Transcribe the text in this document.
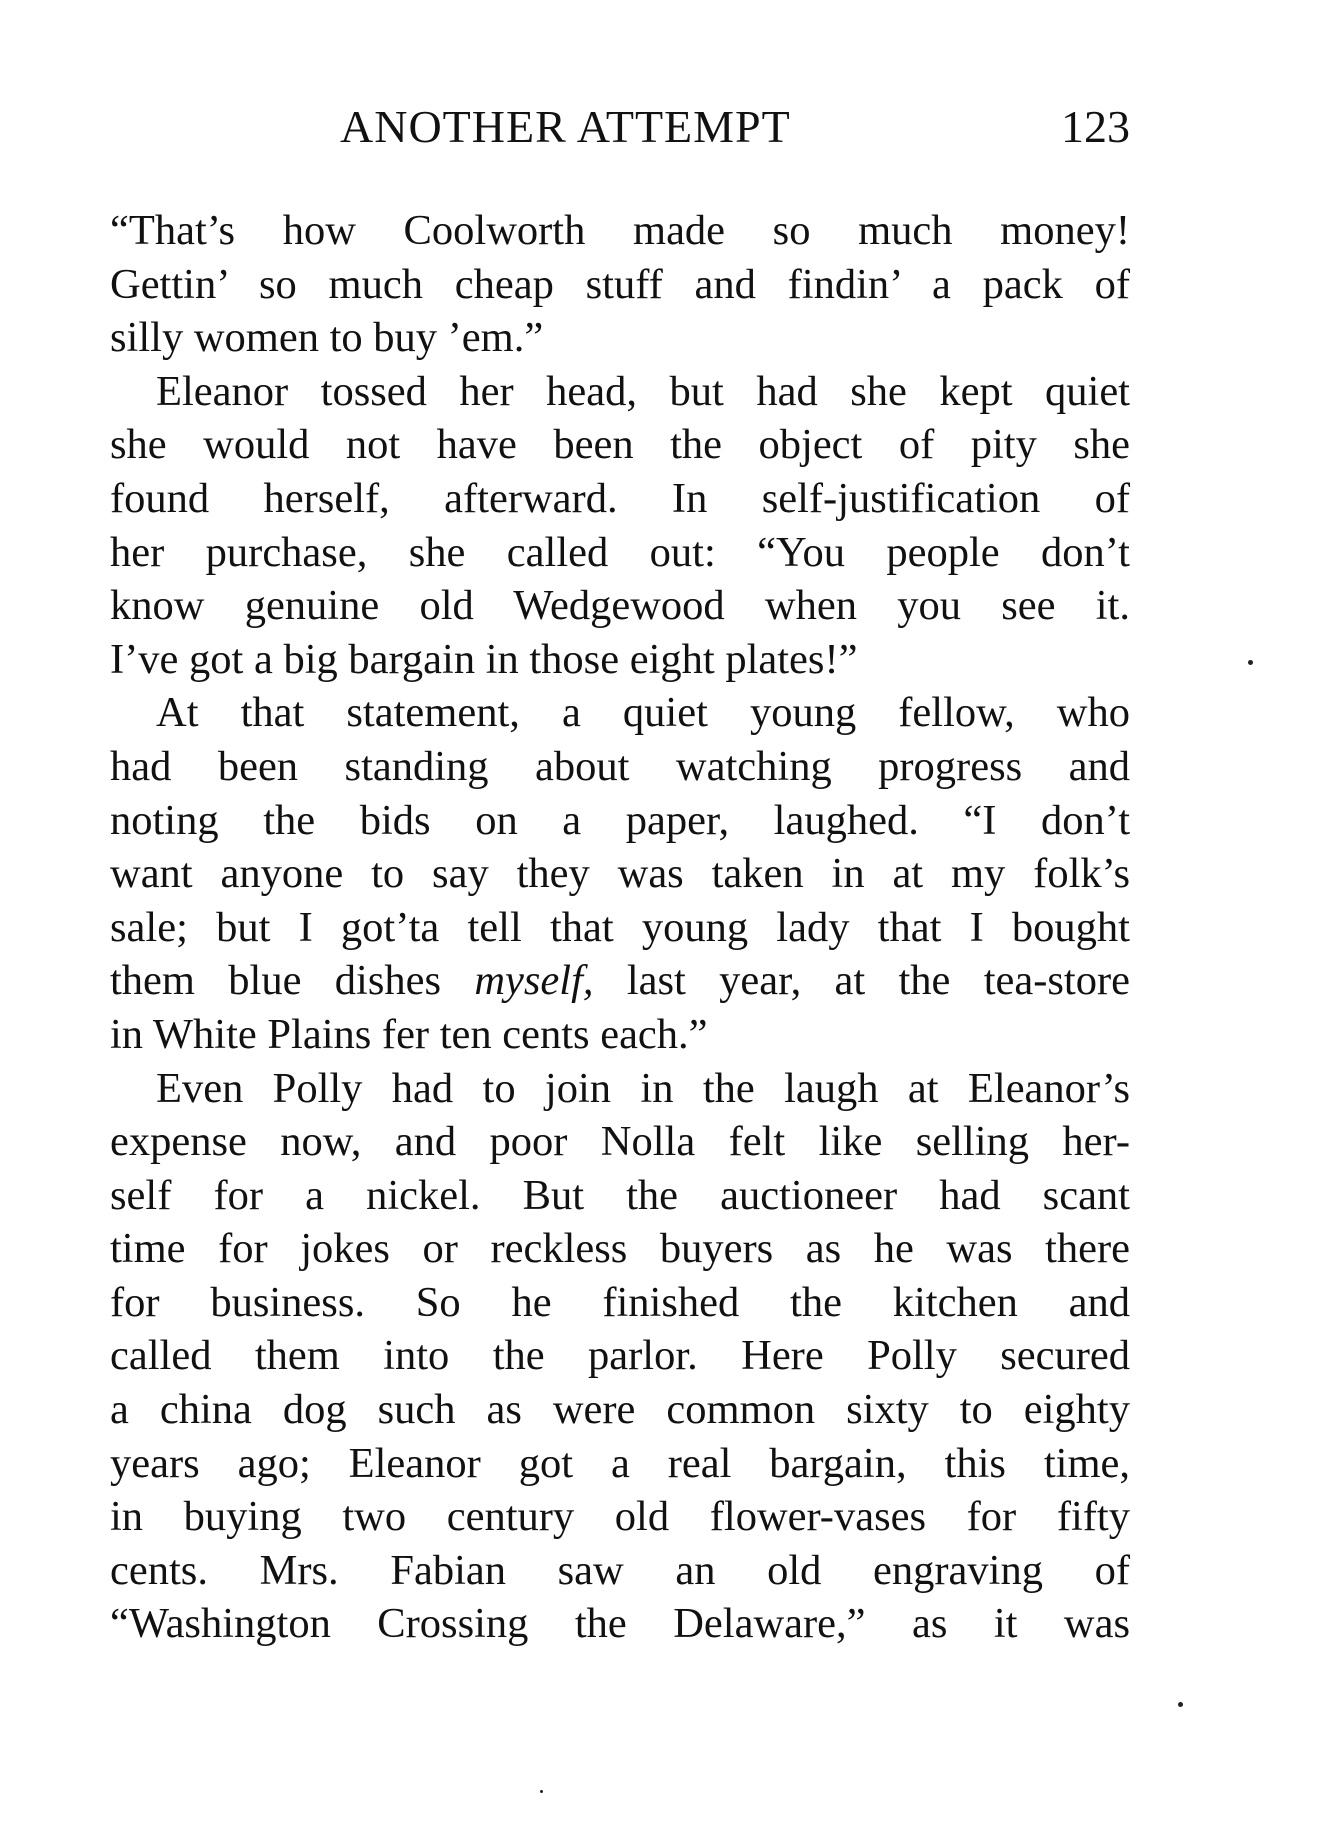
ANOTHER ATTEMPT	123
“That’s how Coolworth made so much money!
Gettin’ so much cheap stuff and findin’ a pack of
silly women to buy ’em.”
Eleanor tossed her head, but had she kept quiet
she would not have been the object of pity she
found herself, afterward. In self-justification of
her purchase, she called out: “You people don’t
know genuine old Wedgewood when you see it.
I’ve got a big bargain in those eight plates!”
At that statement, a quiet young fellow, who
had been standing about watching progress and
noting the bids on a paper, laughed. “I don’t
want anyone to say they was taken in at my folk’s
sale; but I got’ta tell that young lady that I bought
them blue dishes myself, last year, at the tea-store
in White Plains fer ten cents each.”
Even Polly had to join in the laugh at Eleanor’s
expense now, and poor Nolla felt like selling her-
self for a nickel. But the auctioneer had scant
time for jokes or reckless buyers as he was there
for business. So he finished the kitchen and
called them into the parlor. Here Polly secured
a china dog such as were common sixty to eighty
years ago; Eleanor got a real bargain, this time,
in buying two century old flower-vases for fifty
cents. Mrs. Fabian saw an old engraving of
“Washington Crossing the Delaware,” as it was
